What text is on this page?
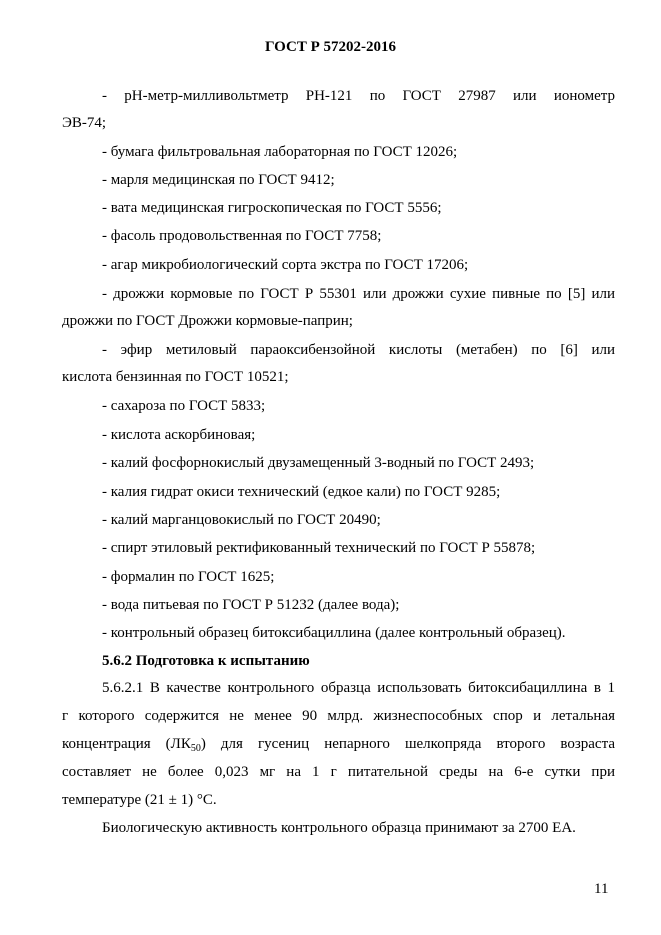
ГОСТ Р 57202-2016
- pH-метр-милливольтметр РН-121 по ГОСТ 27987 или ионометр
ЭВ-74;
- бумага фильтровальная лабораторная по ГОСТ 12026;
- марля медицинская по ГОСТ 9412;
- вата медицинская гигроскопическая по ГОСТ 5556;
- фасоль продовольственная по ГОСТ 7758;
- агар микробиологический сорта экстра по ГОСТ 17206;
- дрожжи кормовые по ГОСТ Р 55301 или дрожжи сухие пивные по [5] или
дрожжи по ГОСТ Дрожжи кормовые-паприн;
- эфир метиловый параоксибензойной кислоты (метабен) по [6] или
кислота бензинная по ГОСТ 10521;
- сахароза по ГОСТ 5833;
- кислота аскорбиновая;
- калий фосфорнокислый двузамещенный 3-водный по ГОСТ 2493;
- калия гидрат окиси технический (едкое кали) по ГОСТ 9285;
- калий марганцовокислый по ГОСТ 20490;
- спирт этиловый ректификованный технический по ГОСТ Р 55878;
- формалин по ГОСТ 1625;
- вода питьевая по ГОСТ Р 51232 (далее вода);
- контрольный образец битоксибациллина (далее контрольный образец).
5.6.2 Подготовка к испытанию
5.6.2.1 В качестве контрольного образца использовать битоксибациллина в 1
г которого содержится не менее 90 млрд. жизнеспособных спор и летальная
концентрация $(ЛК_{50})$ для гусениц непарного шелкопряда второго возраста
составляет не более 0,023 мг на 1 г питательной среды на 6-е сутки при
температуре (21 ± 1) °С.
Биологическую активность контрольного образца принимают за 2700 ЕА.
11
